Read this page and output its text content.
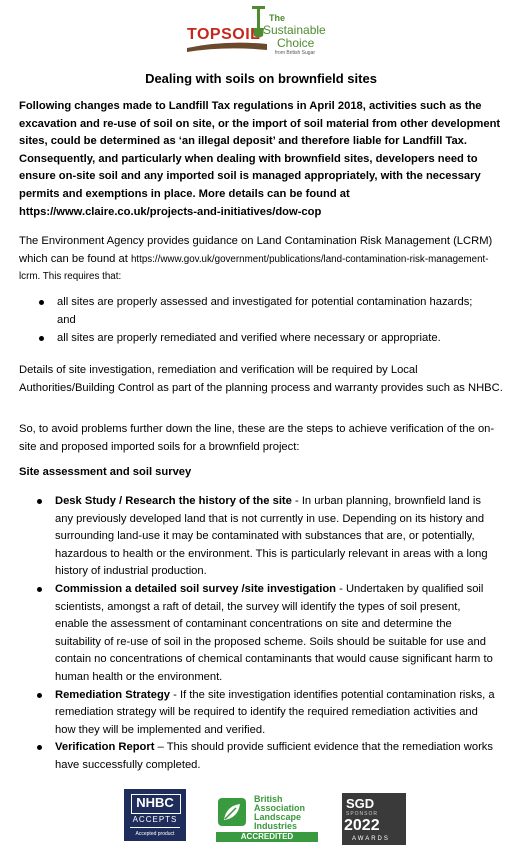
TOPSOIL
The
Sustainable
Choice
from British Sugar
Dealing with soils on brownfield sites

Following changes made to Landfill Tax regulations in April 2018, activities such as the excavation and re-use of soil on site, or the import of soil material from other development sites, could be determined as ‘an illegal deposit’ and therefore liable for Landfill Tax. Consequently, and particularly when dealing with brownfield sites, developers need to ensure on-site soil and any imported soil is managed appropriately, with the necessary permits and exemptions in place. More details can be found at https://www.claire.co.uk/projects-and-initiatives/dow-cop

The Environment Agency provides guidance on Land Contamination Risk Management (LCRM) which can be found at https://www.gov.uk/government/publications/land-contamination-risk-management-lcrm. This requires that:

all sites are properly assessed and investigated for potential contamination hazards; and
all sites are properly remediated and verified where necessary or appropriate.

Details of site investigation, remediation and verification will be required by Local Authorities/Building Control as part of the planning process and warranty provides such as NHBC.

So, to avoid problems further down the line, these are the steps to achieve verification of the on-site and proposed imported soils for a brownfield project:

Site assessment and soil survey

Desk Study / Research the history of the site - In urban planning, brownfield land is any previously developed land that is not currently in use. Depending on its history and surrounding land-use it may be contaminated with substances that are, or potentially, hazardous to health or the environment. This is particularly relevant in areas with a long history of industrial production.
Commission a detailed soil survey /site investigation - Undertaken by qualified soil scientists, amongst a raft of detail, the survey will identify the types of soil present, enable the assessment of contaminant concentrations on site and determine the suitability of re-use of soil in the proposed scheme. Soils should be suitable for use and contain no concentrations of chemical contaminants that would cause significant harm to human health or the environment.
Remediation Strategy - If the site investigation identifies potential contamination risks, a remediation strategy will be required to identify the required remediation activities and how they will be implemented and verified.
Verification Report – This should provide sufficient evidence that the remediation works have successfully completed.
NHBC
ACCEPTS
Accepted product
British
Association
Landscape
Industries
ACCREDITED
SGD
SPONSOR
2022
AWARDS
